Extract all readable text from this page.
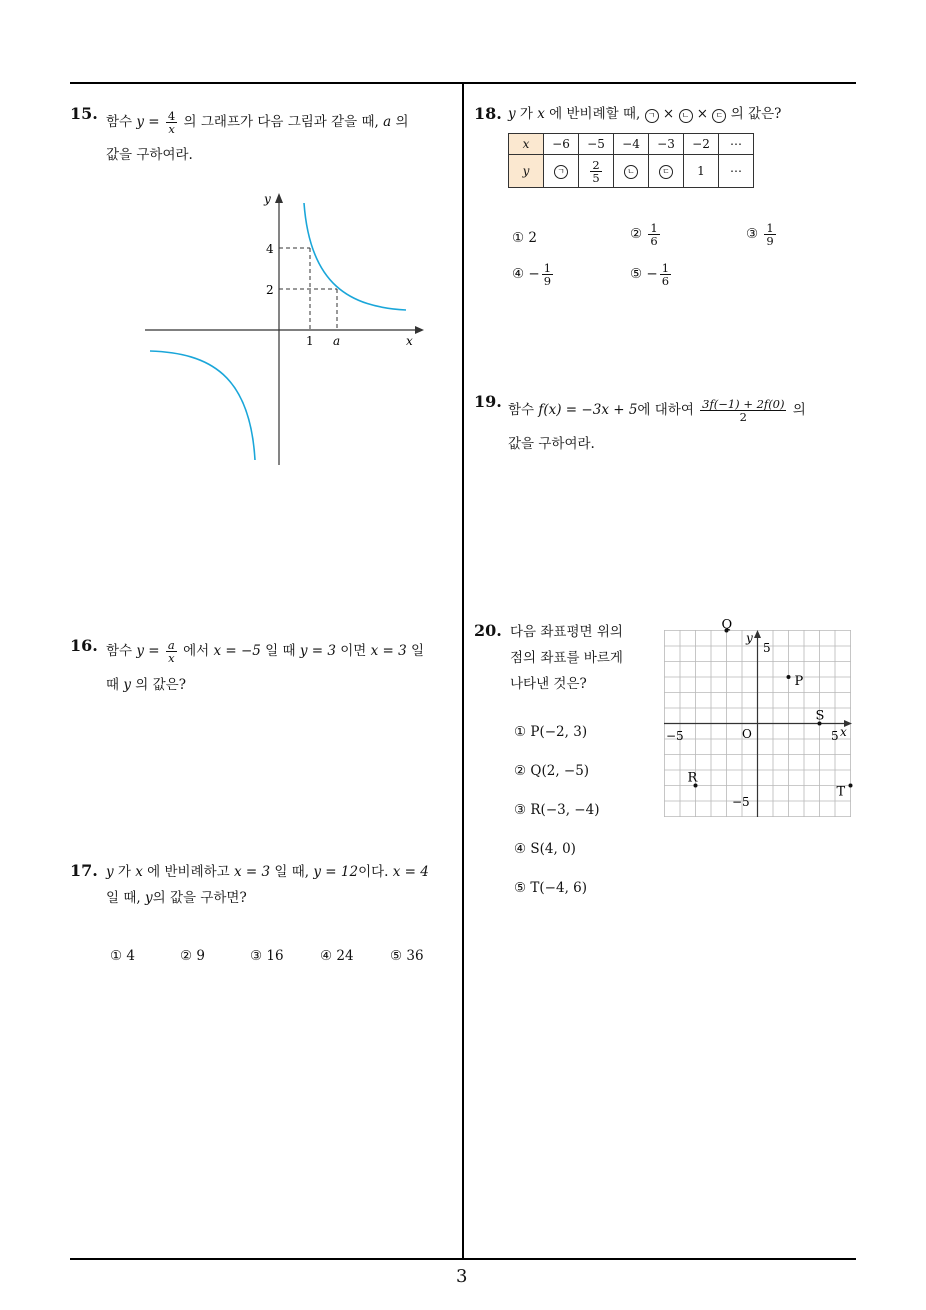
15. 함수 $y = \frac{4}{x}$ 의 그래프가 다음 그림과 같을 때, a 의
값을 구하여라.
y
x
4
2
1 a
16. 함수 $y = \frac{a}{x}$ 에서 x = −5 일 때 y = 3 이면 x = 3 일
때 y 의 값은?
17. y 가 x 에 반비례하고 x = 3 일 때, y = 12이다. x = 4
일 때, y의 값을 구하면?
① 4	② 9	③ 16	④ 24	⑤ 36
18. y 가 x 에 반비례할 때, ㄱ × ㄴ × ㄷ 의 값은?
x	−6	−5	−4	−3	−2	⋯
y	ㄱ	$\frac{2}{5}$	ㄴ	ㄷ	1	⋯
① 2	② $\frac{1}{6}$	③ $\frac{1}{9}$
④ − $\frac{1}{9}$	⑤ − $\frac{1}{6}$
19. 함수 f(x) = −3x + 5에 대하여 $\frac{3f(-1) + 2f(0)}{2}$ 의
값을 구하여라.
20. 다음 좌표평면 위의
점의 좌표를 바르게
나타낸 것은?
① P(−2, 3)
② Q(2, −5)
③ R(−3, −4)
④ S(4, 0)
⑤ T(−4, 6)
y
x
O
5
−5
−5	5
Q
P
S
R
T
3
